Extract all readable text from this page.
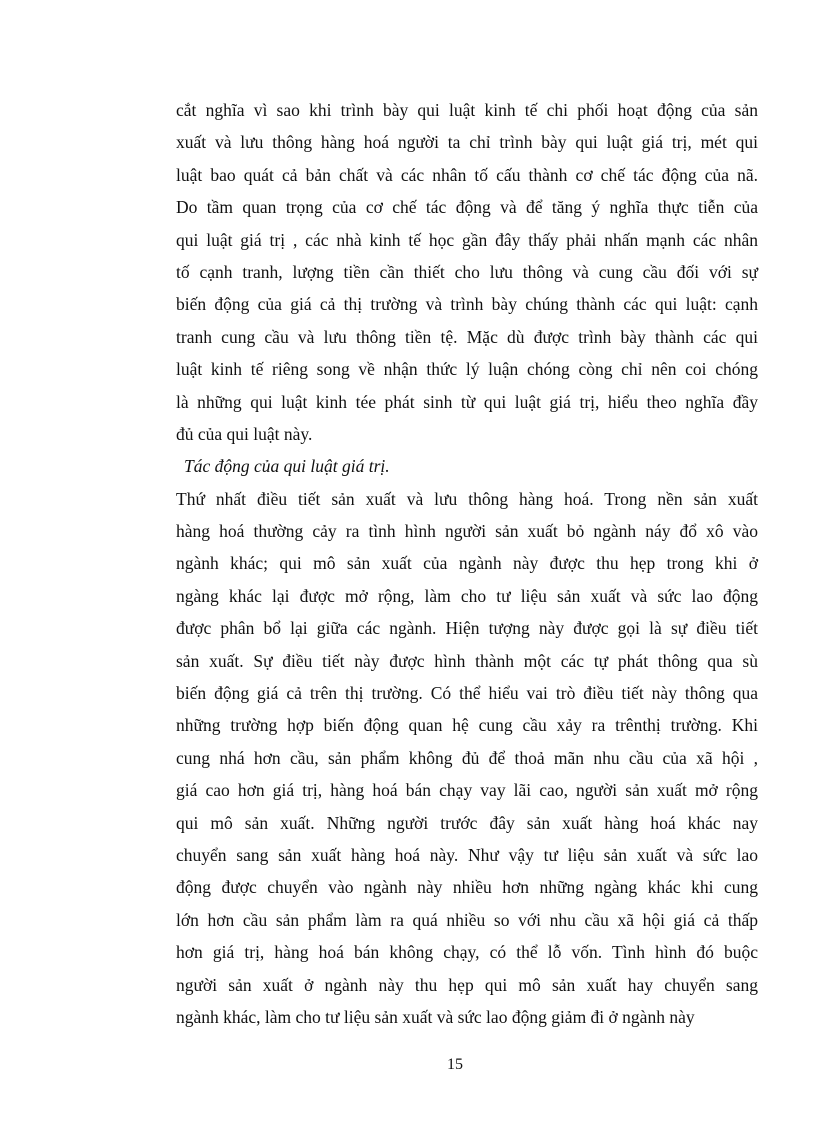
cắt nghĩa vì sao khi trình bày qui luật kinh tế chi phối hoạt động của sản
xuất và lưu thông hàng hoá người ta chỉ trình bày qui luật giá trị, mét qui
luật bao quát cả bản chất và các nhân tố cấu thành cơ chế tác động của nã.
Do tầm quan trọng của cơ chế tác động và để tăng ý nghĩa thực tiễn của
qui luật giá trị , các nhà kinh tế học gần đây thấy phải nhấn mạnh các nhân
tố cạnh tranh, lượng tiền cần thiết cho lưu thông và cung cầu đối với sự
biến động của giá cả thị trường và trình bày chúng thành các qui luật: cạnh
tranh cung cầu và lưu thông tiền tệ. Mặc dù được trình bày thành các qui
luật kinh tế riêng song về nhận thức lý luận chóng còng chỉ nên coi chóng
là những qui luật kinh tée phát sinh từ qui luật giá trị, hiểu theo nghĩa đầy
đủ của qui luật này.
Tác động của qui luật giá trị.
Thứ nhất điều tiết sản xuất và lưu thông hàng hoá. Trong nền sản xuất
hàng hoá thường cảy ra tình hình người sản xuất bỏ ngành náy đổ xô vào
ngành khác; qui mô sản xuất của ngành này được thu hẹp trong khi ở
ngàng khác lại được mở rộng, làm cho tư liệu sản xuất và sức lao động
được phân bổ lại giữa các ngành. Hiện tượng này được gọi là sự điều tiết
sản xuất. Sự điều tiết này được hình thành một các tự phát thông qua sù
biến động giá cả trên thị trường. Có thể hiểu vai trò điều tiết này thông qua
những trường hợp biến động quan hệ cung cầu xảy ra trênthị trường. Khi
cung nhá hơn cầu, sản phẩm không đủ để thoả mãn nhu cầu của xã hội ,
giá cao hơn giá trị, hàng hoá bán chạy vay lãi cao, người sản xuất mở rộng
qui mô sản xuất. Những người trước đây sản xuất hàng hoá khác nay
chuyển sang sản xuất hàng hoá này. Như vậy tư liệu sản xuất và sức lao
động được chuyển vào ngành này nhiều hơn những ngàng khác khi cung
lớn hơn cầu sản phẩm làm ra quá nhiều so với nhu cầu xã hội giá cả thấp
hơn giá trị, hàng hoá bán không chạy, có thể lỗ vốn. Tình hình đó buộc
người sản xuất ở ngành này thu hẹp qui mô sản xuất hay chuyển sang
ngành khác, làm cho tư liệu sản xuất và sức lao động giảm đi ở ngành này
15
